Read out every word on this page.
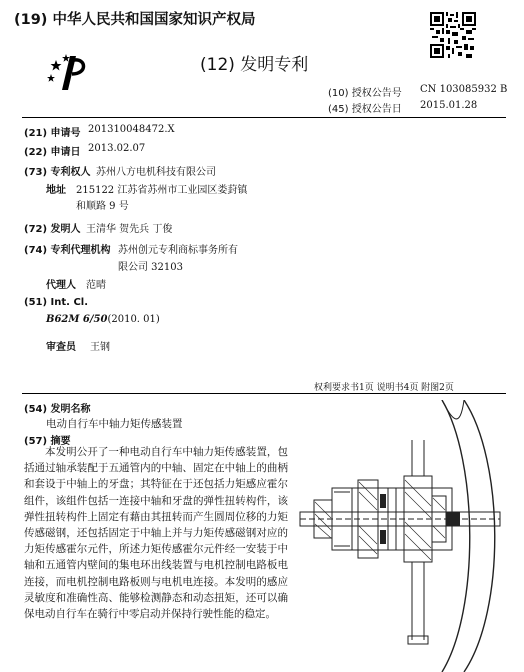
(19) 中华人民共和国国家知识产权局
(12) 发明专利
(10) 授权公告号 CN 103085932 B
(45) 授权公告日 2015.01.28
(21) 申请号 201310048472.X
(22) 申请日 2013.02.07
(73) 专利权人 苏州八方电机科技有限公司
地址 215122 江苏省苏州市工业园区娄葑镇
和顺路 9 号
(72) 发明人 王清华 贺先兵 丁俊
(74) 专利代理机构 苏州创元专利商标事务所有
限公司 32103
代理人 范晴
(51) Int. Cl.
B62M 6/50(2010. 01)
审查员 王钢
权利要求书1页 说明书4页 附图2页
(54) 发明名称
电动自行车中轴力矩传感装置
(57) 摘要
本发明公开了一种电动自行车中轴力矩传感装置，包括通过轴承装配于五通管内的中轴、固定在中轴上的曲柄和套设于中轴上的牙盘；其特征在于还包括力矩感应霍尔组件，该组件包括一连接中轴和牙盘的弹性扭转构件，该弹性扭转构件上固定有藉由其扭转而产生圆周位移的力矩传感磁钢，还包括固定于中轴上并与力矩传感磁钢对应的力矩传感霍尔元件，所述力矩传感霍尔元件经一安装于中轴和五通管内壁间的集电环出线装置与电机控制电路板电连接，而电机控制电路板则与电机电连接。本发明的感应灵敏度和准确性高、能够检测静态和动态扭矩，还可以确保电动自行车在骑行中零启动并保持行驶性能的稳定。
